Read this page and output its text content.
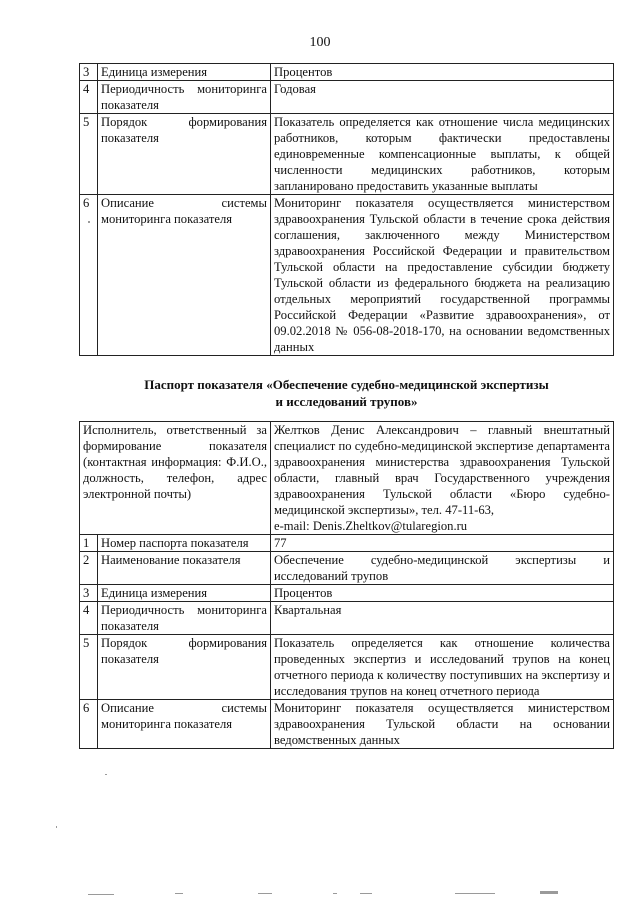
100
3	Единица измерения	Процентов
4	Периодичность мониторинга показателя	Годовая
5	Порядок формирования показателя	Показатель определяется как отношение числа медицинских работников, которым фактически предоставлены единовременные компенсационные выплаты, к общей численности медицинских работников, которым запланировано предоставить указанные выплаты
6	Описание системы мониторинга показателя	Мониторинг показателя осуществляется министерством здравоохранения Тульской области в течение срока действия соглашения, заключенного между Министерством здравоохранения Российской Федерации и правительством Тульской области на предоставление субсидии бюджету Тульской области из федерального бюджета на реализацию отдельных мероприятий государственной программы Российской Федерации «Развитие здравоохранения», от 09.02.2018 № 056-08-2018-170, на основании ведомственных данных
Паспорт показателя «Обеспечение судебно-медицинской экспертизы
и исследований трупов»
Исполнитель, ответственный за формирование показателя (контактная информация: Ф.И.О., должность, телефон, адрес электронной почты)		Желтков Денис Александрович – главный внештатный специалист по судебно-медицинской экспертизе департамента здравоохранения министерства здравоохранения Тульской области, главный врач Государственного учреждения здравоохранения Тульской области «Бюро судебно-медицинской экспертизы», тел. 47-11-63,
e-mail: Denis.Zheltkov@tularegion.ru

1	Номер паспорта показателя	77
2	Наименование показателя	Обеспечение судебно-медицинской экспертизы и исследований трупов
3	Единица измерения	Процентов
4	Периодичность мониторинга показателя	Квартальная
5	Порядок формирования показателя	Показатель определяется как отношение количества проведенных экспертиз и исследований трупов на конец отчетного периода к количеству поступивших на экспертизу и исследования трупов на конец отчетного периода
6	Описание системы мониторинга показателя	Мониторинг показателя осуществляется министерством здравоохранения Тульской области на основании ведомственных данных
